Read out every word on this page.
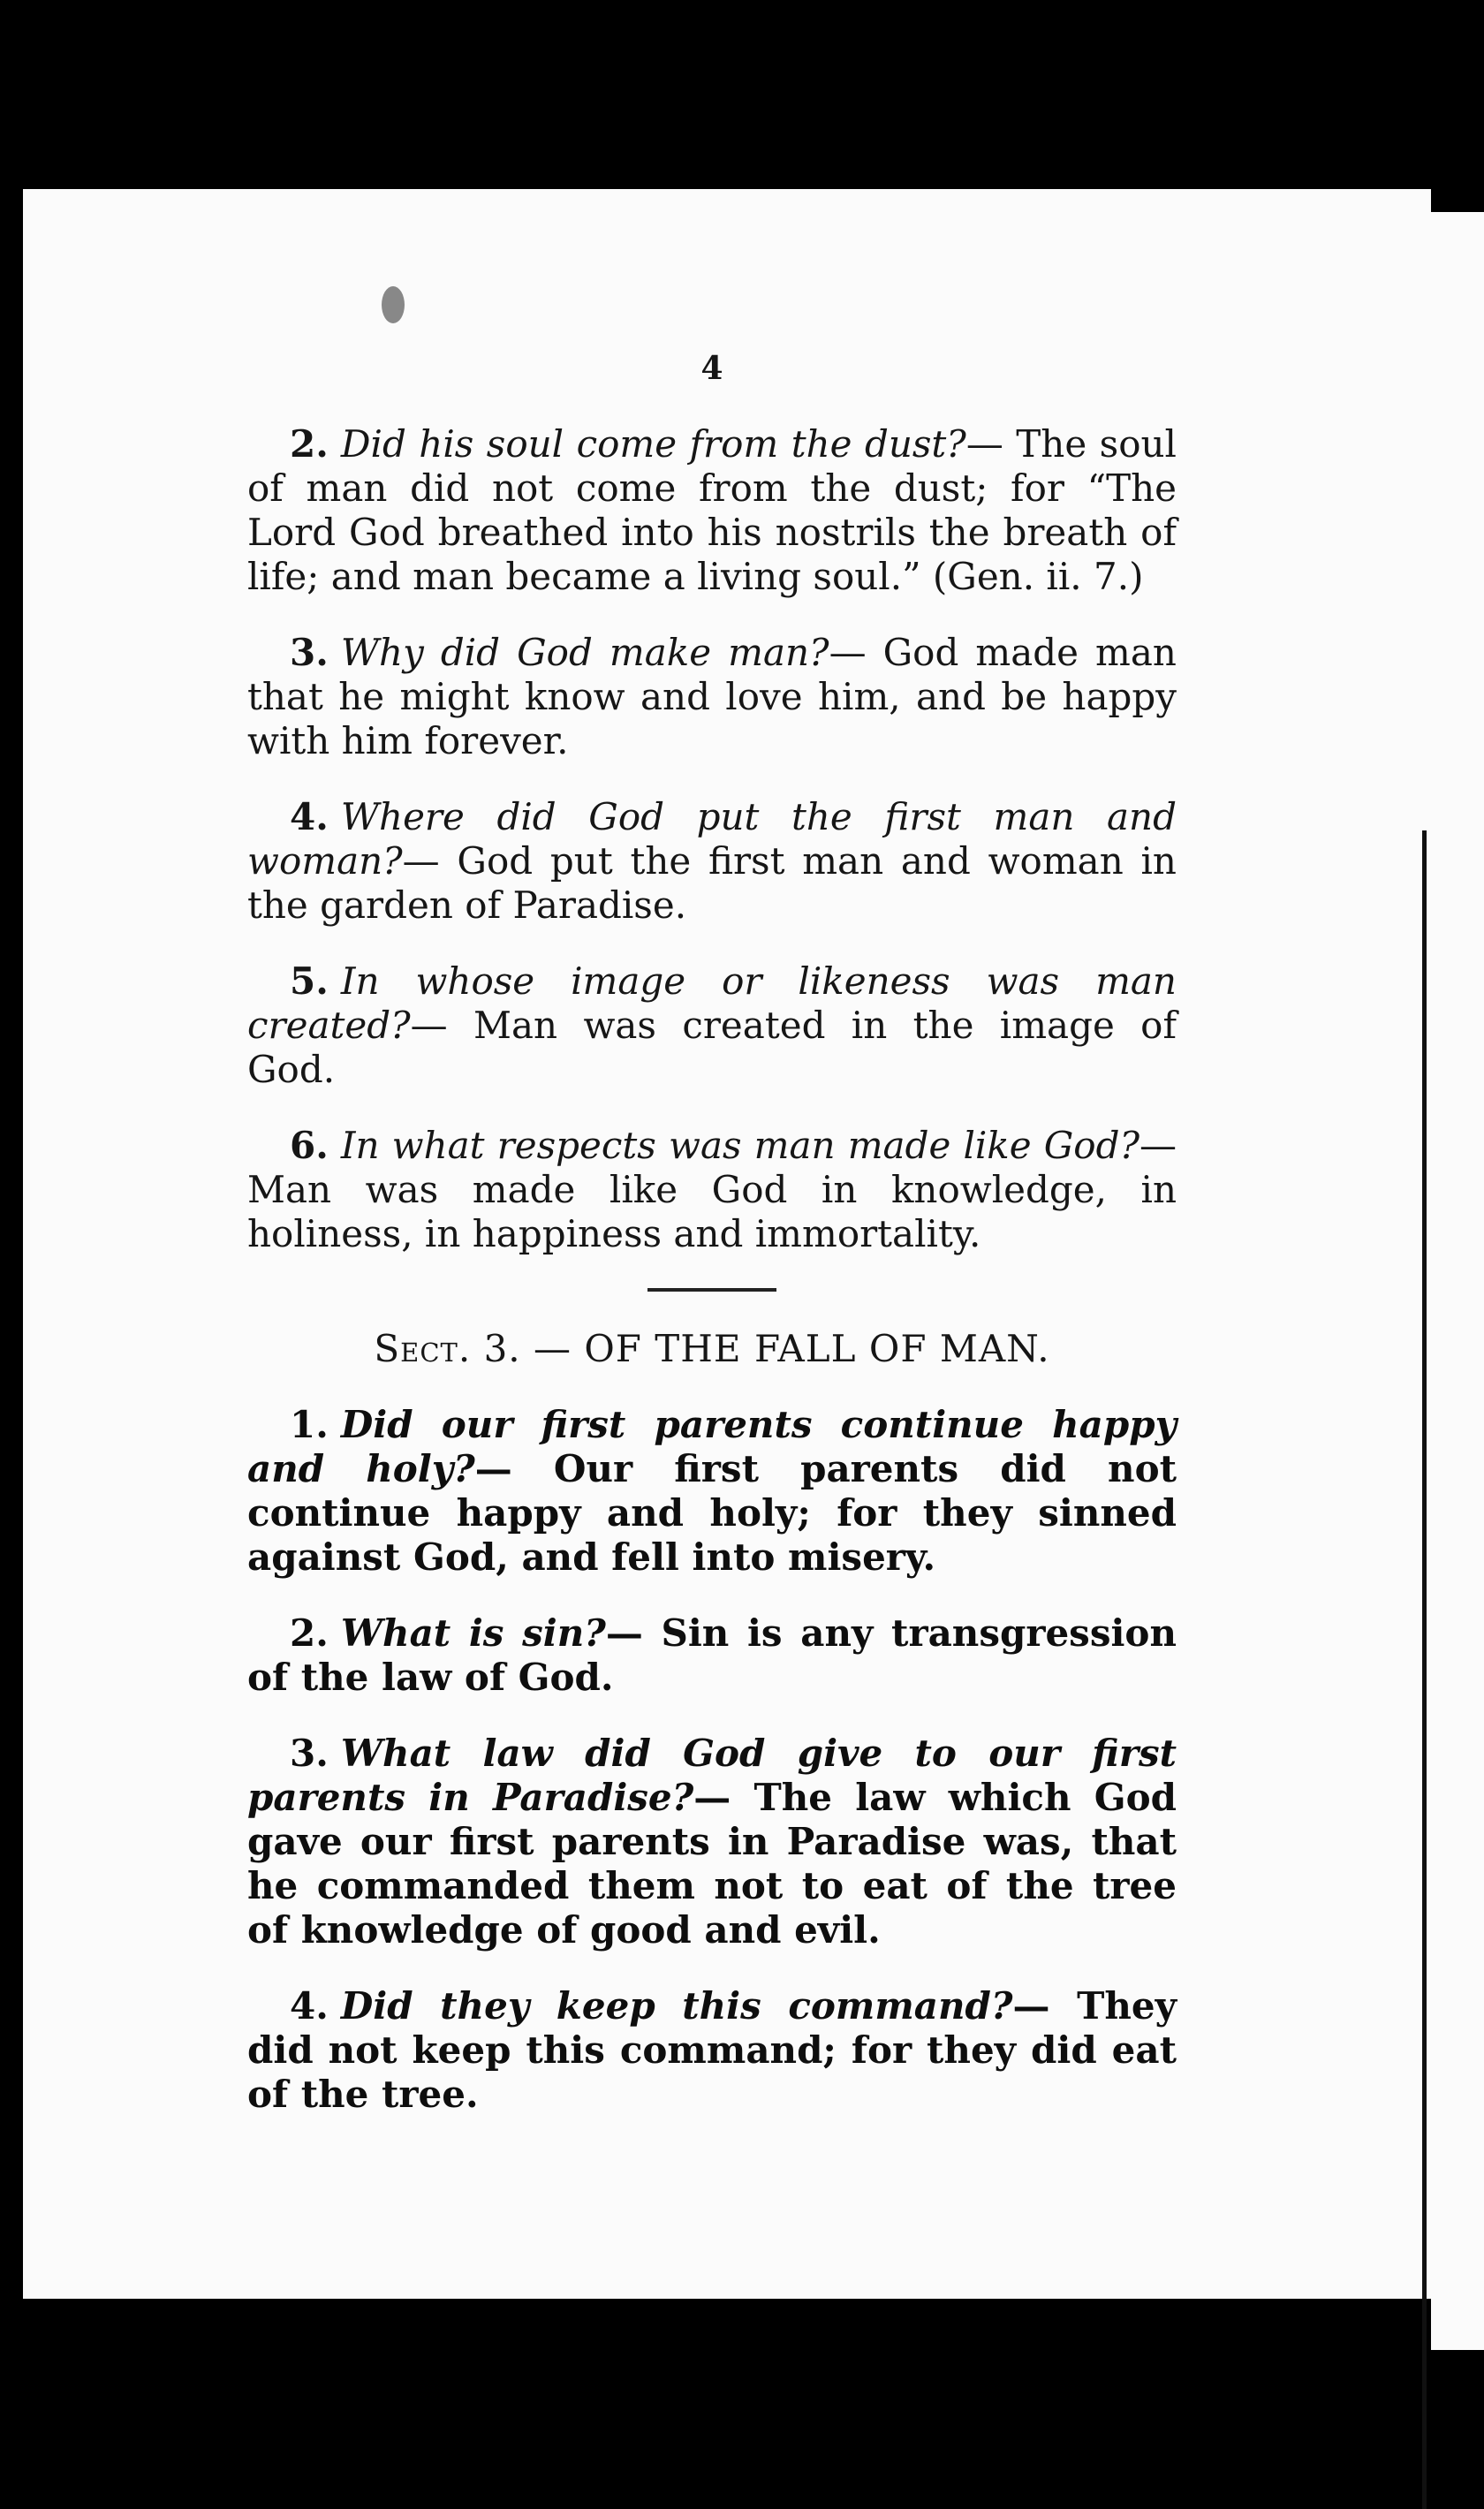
4

2. Did his soul come from the dust?— The soul of man did not come from the dust; for “The Lord God breathed into his nostrils the breath of life; and man became a living soul.” (Gen. ii. 7.)

3. Why did God make man?— God made man that he might know and love him, and be happy with him forever.

4. Where did God put the first man and woman?— God put the first man and woman in the garden of Paradise.

5. In whose image or likeness was man created?— Man was created in the image of God.

6. In what respects was man made like God?— Man was made like God in knowledge, in holiness, in happiness and immortality.

Sect. 3. — OF THE FALL OF MAN.

1. Did our first parents continue happy and holy?— Our first parents did not continue happy and holy; for they sinned against God, and fell into misery.

2. What is sin?— Sin is any transgression of the law of God.

3. What law did God give to our first parents in Paradise?— The law which God gave our first parents in Paradise was, that he commanded them not to eat of the tree of knowledge of good and evil.

4. Did they keep this command?— They did not keep this command; for they did eat of the tree.
